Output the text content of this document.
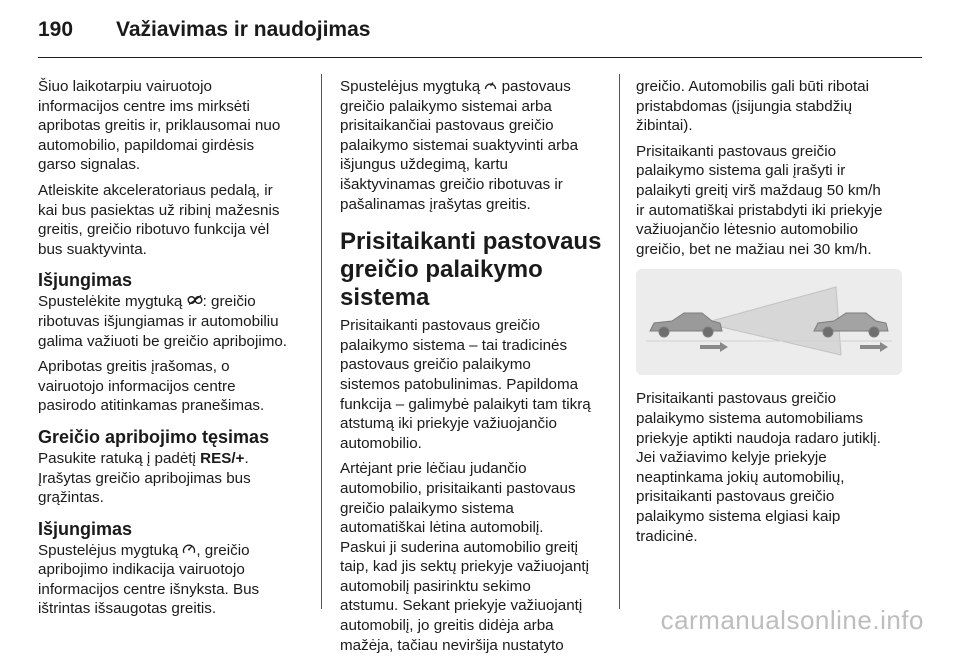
190 Važiavimas ir naudojimas

Šiuo laikotarpiu vairuotojo
informacijos centre ims mirksėti
apribotas greitis ir, priklausomai nuo
automobilio, papildomai girdėsis
garso signalas.

Atleiskite akceleratoriaus pedalą, ir
kai bus pasiektas už ribinį mažesnis
greitis, greičio ribotuvo funkcija vėl
bus suaktyvinta.

Išjungimas

Spustelėkite mygtuką : greičio
ribotuvas išjungiamas ir automobiliu
galima važiuoti be greičio apribojimo.

Apribotas greitis įrašomas, o
vairuotojo informacijos centre
pasirodo atitinkamas pranešimas.

Greičio apribojimo tęsimas

Pasukite ratuką į padėtį RES/+.
Įrašytas greičio apribojimas bus
grąžintas.

Išjungimas

Spustelėjus mygtuką , greičio
apribojimo indikacija vairuotojo
informacijos centre išnyksta. Bus
ištrintas išsaugotas greitis.

Spustelėjus mygtuką  pastovaus
greičio palaikymo sistemai arba
prisitaikančiai pastovaus greičio
palaikymo sistemai suaktyvinti arba
išjungus uždegimą, kartu
išaktyvinamas greičio ribotuvas ir
pašalinamas įrašytas greitis.

Prisitaikanti pastovaus
greičio palaikymo sistema

Prisitaikanti pastovaus greičio
palaikymo sistema – tai tradicinės
pastovaus greičio palaikymo
sistemos patobulinimas. Papildoma
funkcija – galimybė palaikyti tam tikrą
atstumą iki priekyje važiuojančio
automobilio.

Artėjant prie lėčiau judančio
automobilio, prisitaikanti pastovaus
greičio palaikymo sistema
automatiškai lėtina automobilį.
Paskui ji suderina automobilio greitį
taip, kad jis sektų priekyje važiuojantį
automobilį pasirinktu sekimo
atstumu. Sekant priekyje važiuojantį
automobilį, jo greitis didėja arba
mažėja, tačiau neviršija nustatyto

greičio. Automobilis gali būti ribotai
pristabdomas (įsijungia stabdžių
žibintai).

Prisitaikanti pastovaus greičio
palaikymo sistema gali įrašyti ir
palaikyti greitį virš maždaug 50 km/h
ir automatiškai pristabdyti iki priekyje
važiuojančio lėtesnio automobilio
greičio, bet ne mažiau nei 30 km/h.

Prisitaikanti pastovaus greičio
palaikymo sistema automobiliams
priekyje aptikti naudoja radaro jutiklį.
Jei važiavimo kelyje priekyje
neaptinkama jokių automobilių,
prisitaikanti pastovaus greičio
palaikymo sistema elgiasi kaip
tradicinė.

carmanualsonline.info
